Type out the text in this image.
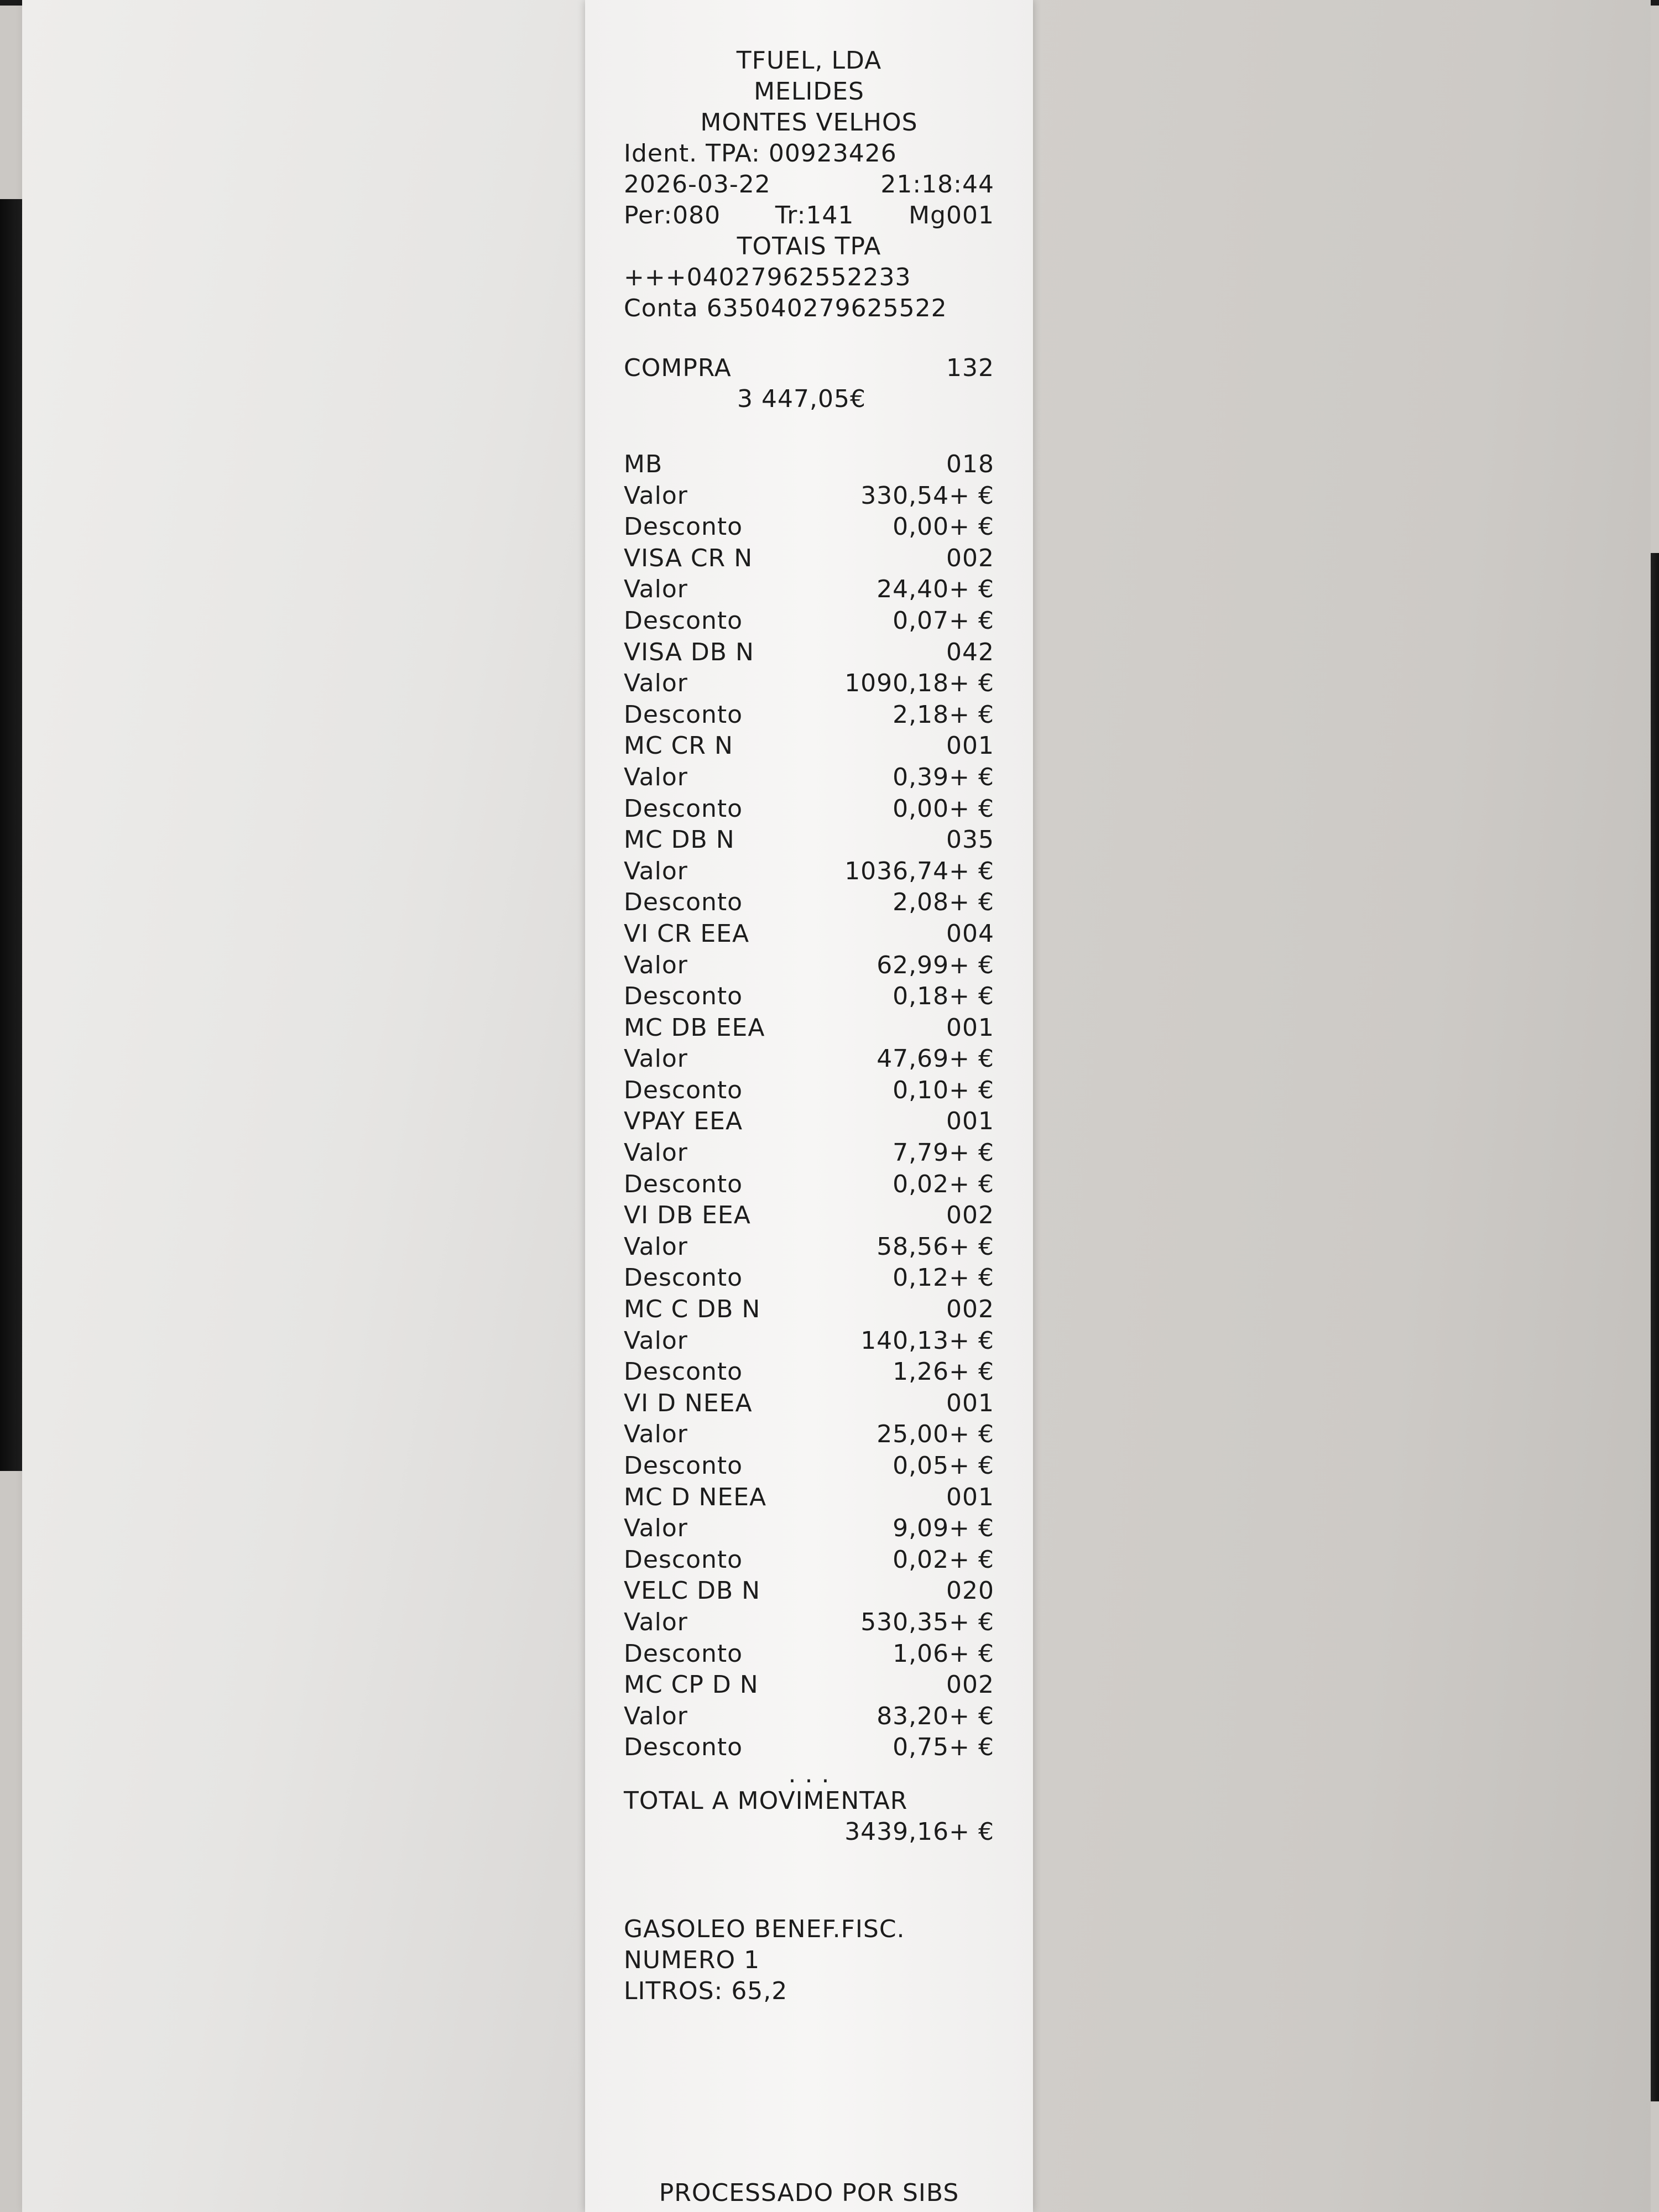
TFUEL, LDA
MELIDES
MONTES VELHOS
Ident. TPA: 00923426
2026-03-22	21:18:44
Per:080 Tr:141 Mg001
TOTAIS TPA
+++04027962552233
Conta 635040279625522
COMPRA	132
3 447,05€
MB	018
Valor	330,54+ €
Desconto	0,00+ €
VISA CR N	002
Valor	24,40+ €
Desconto	0,07+ €
VISA DB N	042
Valor	1090,18+ €
Desconto	2,18+ €
MC CR N	001
Valor	0,39+ €
Desconto	0,00+ €
MC DB N	035
Valor	1036,74+ €
Desconto	2,08+ €
VI CR EEA	004
Valor	62,99+ €
Desconto	0,18+ €
MC DB EEA	001
Valor	47,69+ €
Desconto	0,10+ €
VPAY EEA	001
Valor	7,79+ €
Desconto	0,02+ €
VI DB EEA	002
Valor	58,56+ €
Desconto	0,12+ €
MC C DB N	002
Valor	140,13+ €
Desconto	1,26+ €
VI D NEEA	001
Valor	25,00+ €
Desconto	0,05+ €
MC D NEEA	001
Valor	9,09+ €
Desconto	0,02+ €
VELC DB N	020
Valor	530,35+ €
Desconto	1,06+ €
MC CP D N	002
Valor	83,20+ €
Desconto	0,75+ €
. . .
TOTAL A MOVIMENTAR
3439,16+ €
GASOLEO BENEF.FISC.
NUMERO 1
LITROS: 65,2
PROCESSADO POR SIBS
